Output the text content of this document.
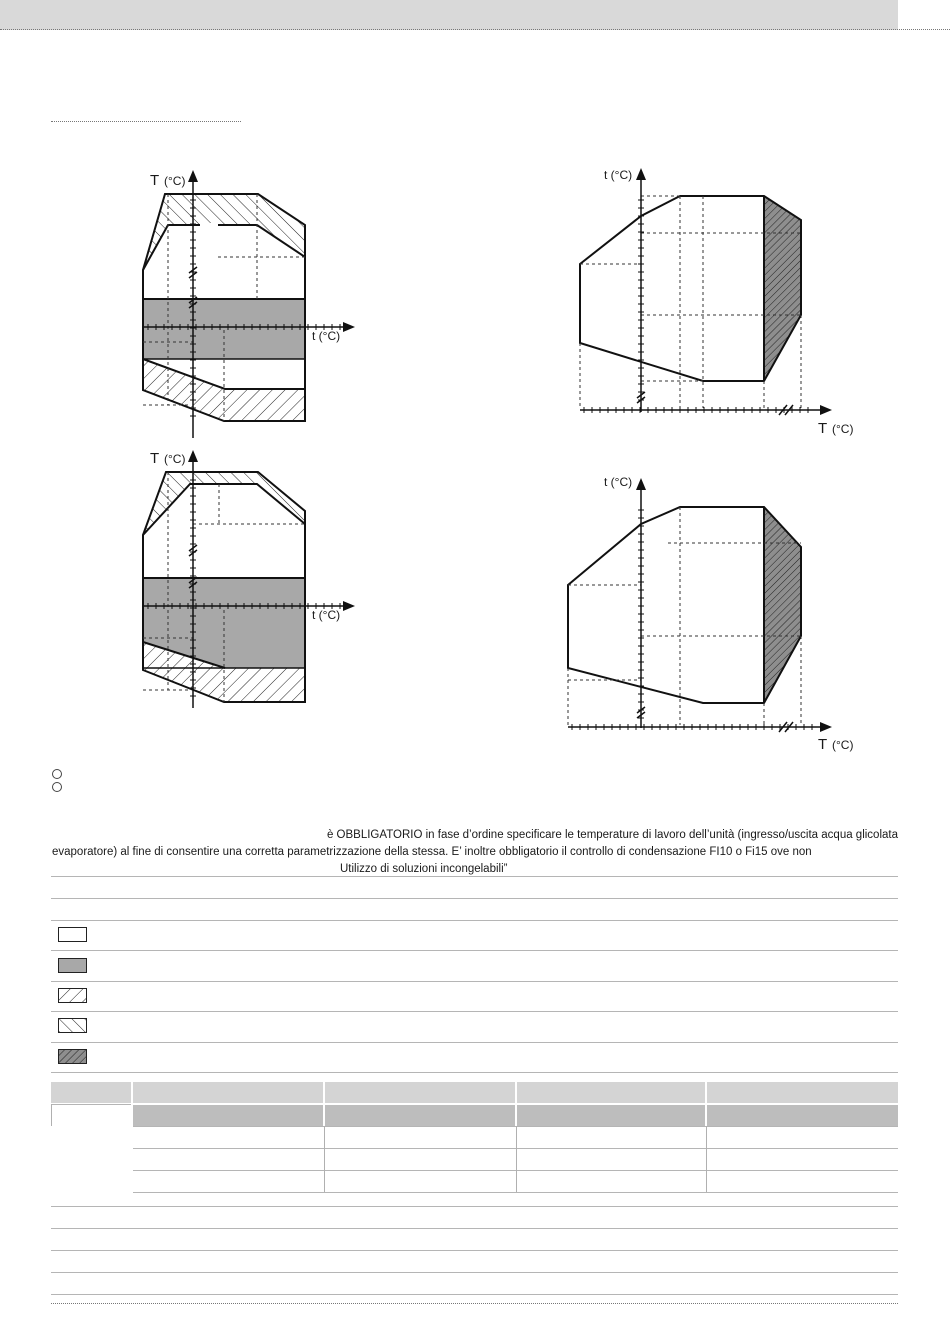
T (°C)
t (°C)
T (°C)
t (°C)
t (°C)
T (°C)
t (°C)
T (°C)
è OBBLIGATORIO in fase d’ordine specificare le temperature di lavoro dell’unità (ingresso/uscita acqua glicolata
evaporatore) al fine di consentire una corretta parametrizzazione della stessa. E’ inoltre obbligatorio il controllo di condensazione FI10 o Fi15 ove non
Utilizzo di soluzioni incongelabili”
